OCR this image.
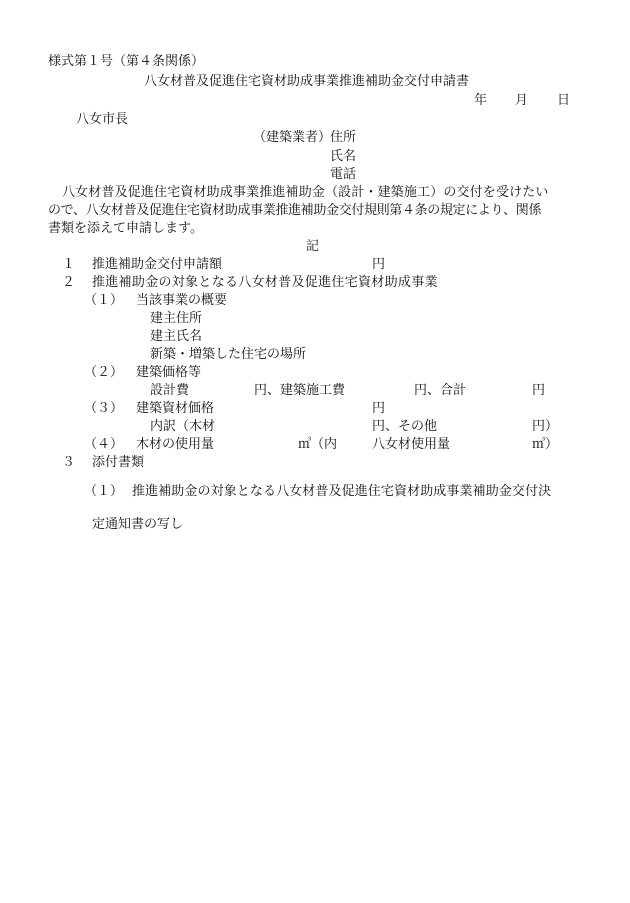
様式第１号（第４条関係）
八女材普及促進住宅資材助成事業推進補助金交付申請書
年 月 日
八女市長
（建築業者）
住所
氏名
電話
八女材普及促進住宅資材助成事業推進補助金（設計・建築施工）の交付を受けたい
ので、八女材普及促進住宅資材助成事業推進補助金交付規則第４条の規定により、関係
書類を添えて申請します。
記
１ 推進補助金交付申請額	円
２ 推進補助金の対象となる八女材普及促進住宅資材助成事業
（１） 当該事業の概要
建主住所
建主氏名
新築・増築した住宅の場所
（２） 建築価格等
設計費	円、建築施工費	円、合計	円
（３） 建築資材価格	円
内訳（木材	円、その他	円）
（４） 木材の使用量	㎥（内	八女材使用量	㎥）
３ 添付書類
（１） 推進補助金の対象となる八女材普及促進住宅資材助成事業補助金交付決
定通知書の写し
